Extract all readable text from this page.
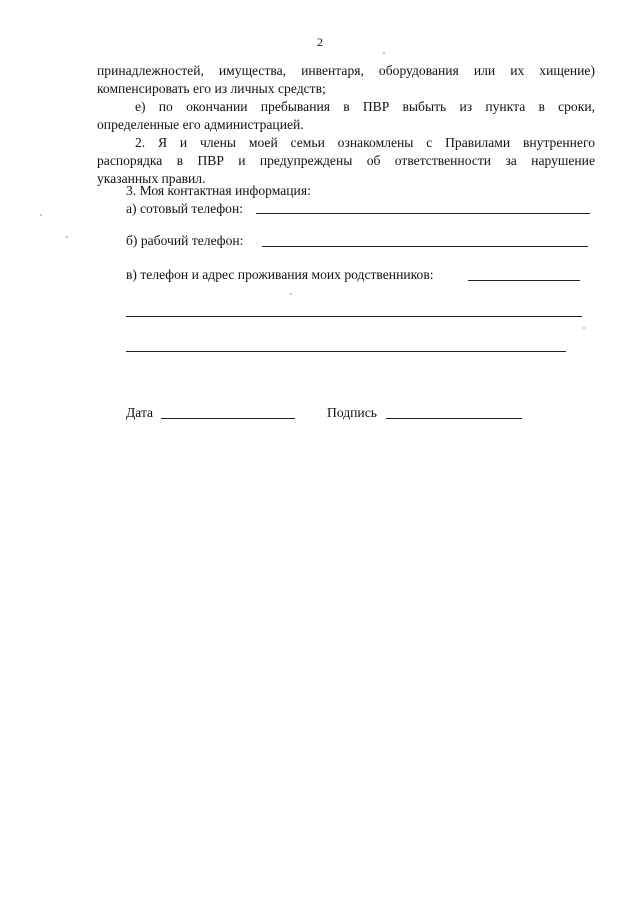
2

принадлежностей, имущества, инвентаря, оборудования или их хищение)

компенсировать его из личных средств;

е) по окончании пребывания в ПВР выбыть из пункта в сроки,

определенные его администрацией.

2. Я и члены моей семьи ознакомлены с Правилами внутреннего

распорядка в ПВР и предупреждены об ответственности за нарушение

указанных правил.

3. Моя контактная информация:
а) сотовый телефон:
б) рабочий телефон:
в) телефон и адрес проживания моих родственников:
Дата	Подпись
